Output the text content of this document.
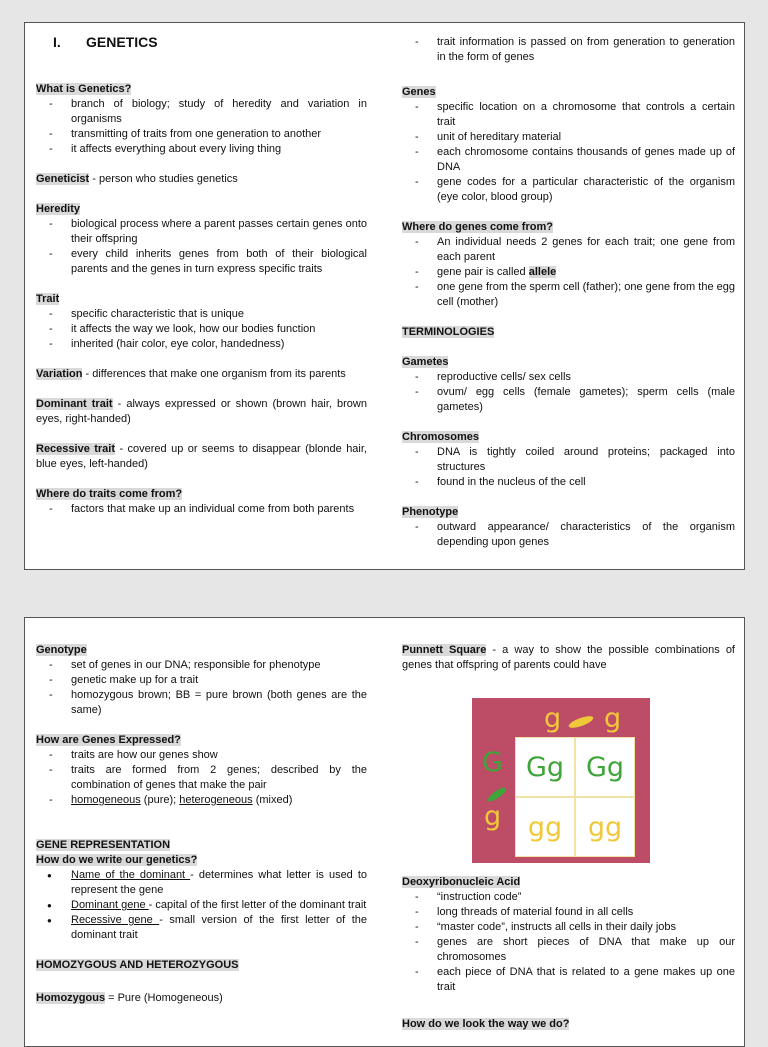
I. GENETICS
What is Genetics?
- branch of biology; study of heredity and variation in organisms
- transmitting of traits from one generation to another
- it affects everything about every living thing

Geneticist - person who studies genetics

Heredity
- biological process where a parent passes certain genes onto their offspring
- every child inherits genes from both of their biological parents and the genes in turn express specific traits
Trait
- specific characteristic that is unique
- it affects the way we look, how our bodies function
- inherited (hair color, eye color, handedness)

Variation - differences that make one organism from its parents

Dominant trait - always expressed or shown (brown hair, brown eyes, right-handed)

Recessive trait - covered up or seems to disappear (blonde hair, blue eyes, left-handed)

Where do traits come from?
- factors that make up an individual come from both parents
- trait information is passed on from generation to generation in the form of genes
Genes
- specific location on a chromosome that controls a certain trait
- unit of hereditary material
- each chromosome contains thousands of genes made up of DNA
- gene codes for a particular characteristic of the organism (eye color, blood group)
Where do genes come from?
- An individual needs 2 genes for each trait; one gene from each parent
- gene pair is called allele
- one gene from the sperm cell (father); one gene from the egg cell (mother)
TERMINOLOGIES
Gametes
- reproductive cells/ sex cells
- ovum/ egg cells (female gametes); sperm cells (male gametes)
Chromosomes
- DNA is tightly coiled around proteins; packaged into structures
- found in the nucleus of the cell
Phenotype
- outward appearance/ characteristics of the organism depending upon genes
Genotype
- set of genes in our DNA; responsible for phenotype
- genetic make up for a trait
- homozygous brown; BB = pure brown (both genes are the same)
How are Genes Expressed?
- traits are how our genes show
- traits are formed from 2 genes; described by the combination of genes that make the pair
- homogeneous (pure); heterogeneous (mixed)
GENE REPRESENTATION
How do we write our genetics?
● Name of the dominant - determines what letter is used to represent the gene
● Dominant gene - capital of the first letter of the dominant trait
● Recessive gene - small version of the first letter of the dominant trait
HOMOZYGOUS AND HETEROZYGOUS

Homozygous = Pure (Homogeneous)

Punnett Square - a way to show the possible combinations of genes that offspring of parents could have

g g
G
g
Gg Gg
gg gg
Deoxyribonucleic Acid
- “instruction code”
- long threads of material found in all cells
- “master code”, instructs all cells in their daily jobs
- genes are short pieces of DNA that make up our chromosomes
- each piece of DNA that is related to a gene makes up one trait
How do we look the way we do?
